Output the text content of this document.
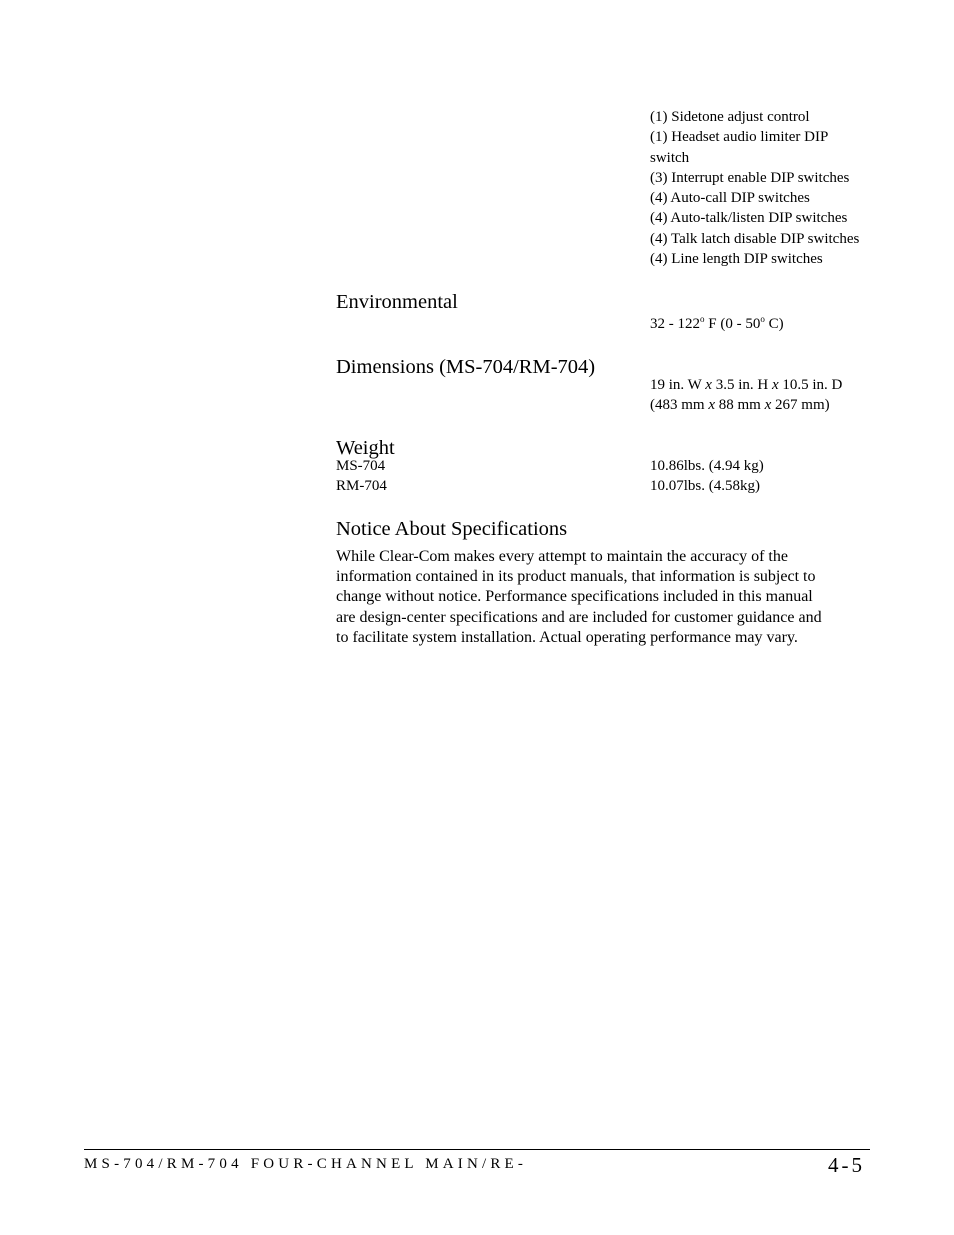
(1) Sidetone adjust control
(1) Headset audio limiter DIP switch
(3) Interrupt enable DIP switches
(4) Auto-call DIP switches
(4) Auto-talk/listen DIP switches
(4) Talk latch disable DIP switches
(4) Line length DIP switches
Environmental
32 - 122$^o$ F (0 - 50$^o$ C)
Dimensions (MS-704/RM-704)
19 in. W x 3.5 in. H x 10.5 in. D
(483 mm x 88 mm x 267 mm)
Weight
MS-704	10.86lbs. (4.94 kg)
RM-704	10.07lbs. (4.58kg)
Notice About Specifications
While Clear-Com makes every attempt to maintain the accuracy of the
information contained in its product manuals, that information is subject to
change without notice. Performance specifications included in this manual
are design-center specifications and are included for customer guidance and
to facilitate system installation. Actual operating performance may vary.
MS-704/RM-704 FOUR-CHANNEL MAIN/RE-	4-5
